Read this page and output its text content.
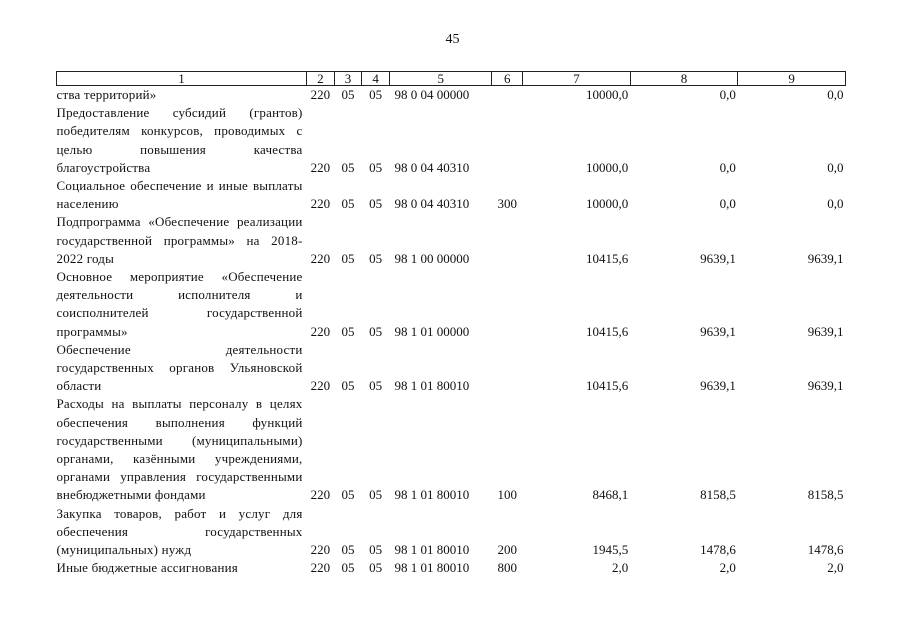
45
1	2	3	4	5	6	7	8	9
ства территорий»	220	05	05	98 0 04 00000		10000,0	0,0	0,0
Предоставление субсидий (грантов) победителям конкурсов, проводимых с целью повышения качества благоустройства	220	05	05	98 0 04 40310		10000,0	0,0	0,0
Социальное обеспечение и иные выплаты населению	220	05	05	98 0 04 40310	300	10000,0	0,0	0,0
Подпрограмма «Обеспечение реализации государственной программы» на 2018-2022 годы	220	05	05	98 1 00 00000		10415,6	9639,1	9639,1
Основное мероприятие «Обеспечение деятельности исполнителя и соисполнителей государственной программы»	220	05	05	98 1 01 00000		10415,6	9639,1	9639,1
Обеспечение деятельности государственных органов Ульяновской области	220	05	05	98 1 01 80010		10415,6	9639,1	9639,1
Расходы на выплаты персоналу в целях обеспечения выполнения функций государственными (муниципальными) органами, казёнными учреждениями, органами управления государственными внебюджетными фондами	220	05	05	98 1 01 80010	100	8468,1	8158,5	8158,5
Закупка товаров, работ и услуг для обеспечения государственных (муниципальных) нужд	220	05	05	98 1 01 80010	200	1945,5	1478,6	1478,6
Иные бюджетные ассигнования	220	05	05	98 1 01 80010	800	2,0	2,0	2,0
